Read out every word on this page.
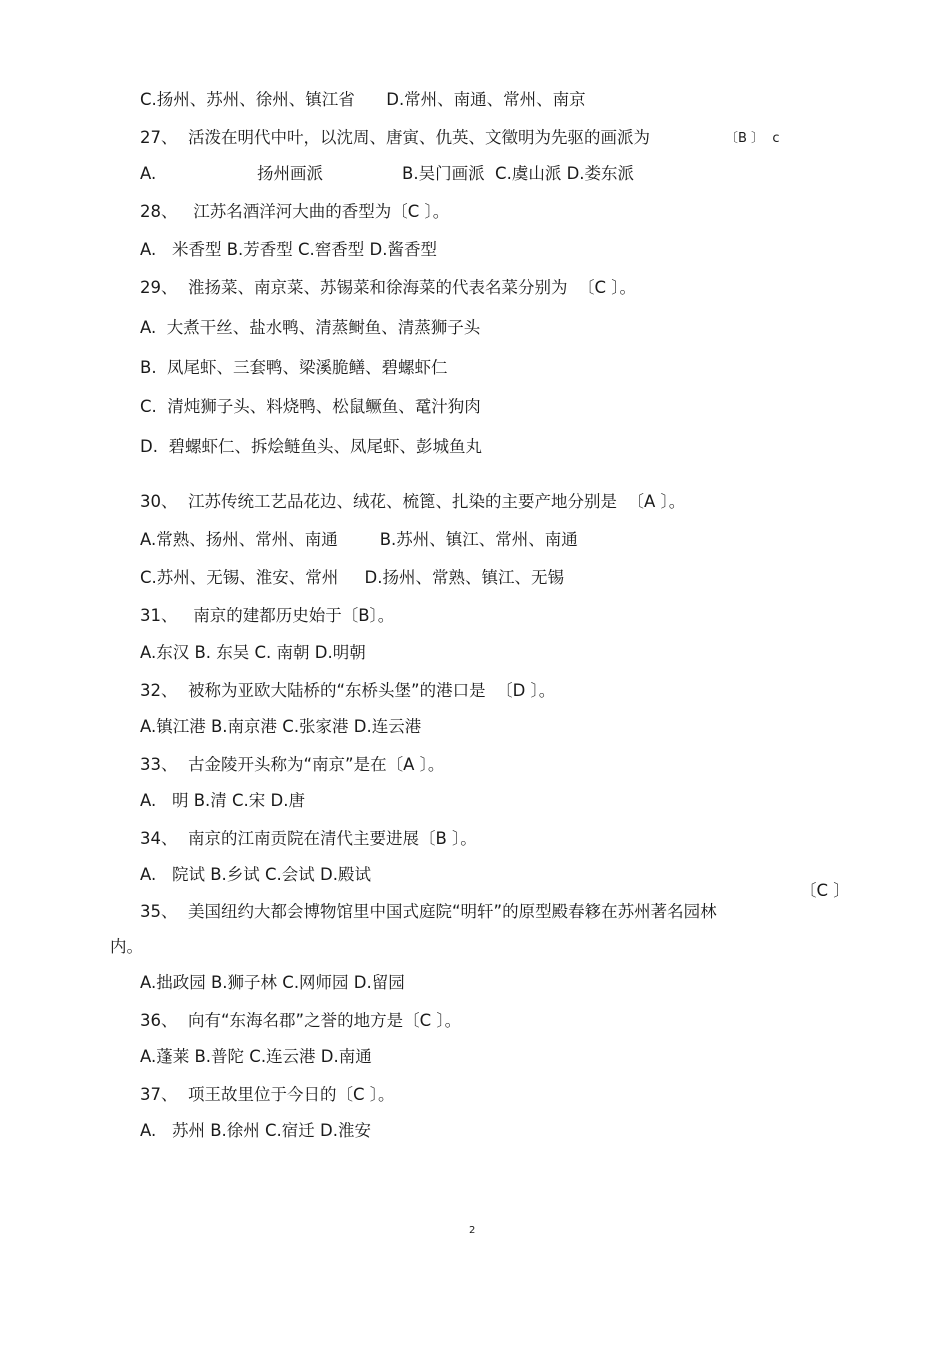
C.扬州、苏州、徐州、镇江省      D.常州、南通、常州、南京
27、  活泼在明代中叶，以沈周、唐寅、仇英、文徵明为先驱的画派为	〔B 〕  c
A.	扬州画派	B.吴门画派  C.虞山派 D.娄东派
28、   江苏名酒洋河大曲的香型为〔C 〕。
A.   米香型 B.芳香型 C.窖香型 D.酱香型
29、  淮扬菜、南京菜、苏锡菜和徐海菜的代表名菜分别为  〔C 〕。
A.  大煮干丝、盐水鸭、清蒸鲥鱼、清蒸狮子头
B.  凤尾虾、三套鸭、梁溪脆鳝、碧螺虾仁
C.  清炖狮子头、料烧鸭、松鼠鳜鱼、鼋汁狗肉
D.  碧螺虾仁、拆烩鲢鱼头、凤尾虾、彭城鱼丸
30、  江苏传统工艺品花边、绒花、梳篦、扎染的主要产地分别是  〔A 〕。
A.常熟、扬州、常州、南通        B.苏州、镇江、常州、南通
C.苏州、无锡、淮安、常州     D.扬州、常熟、镇江、无锡
31、   南京的建都历史始于〔B〕。
A.东汉 B. 东吴 C. 南朝 D.明朝
32、  被称为亚欧大陆桥的“东桥头堡”的港口是  〔D 〕。
A.镇江港 B.南京港 C.张家港 D.连云港
33、  古金陵开头称为“南京”是在〔A 〕。
A.   明 B.清 C.宋 D.唐
34、  南京的江南贡院在清代主要进展〔B 〕。
A.   院试 B.乡试 C.会试 D.殿试
〔C 〕
35、  美国纽约大都会博物馆里中国式庭院“明轩”的原型殿春簃在苏州著名园林
内。
A.拙政园 B.狮子林 C.网师园 D.留园
36、  向有“东海名郡”之誉的地方是〔C 〕。
A.蓬莱 B.普陀 C.连云港 D.南通
37、  项王故里位于今日的〔C 〕。
A.   苏州 B.徐州 C.宿迁 D.淮安
2
